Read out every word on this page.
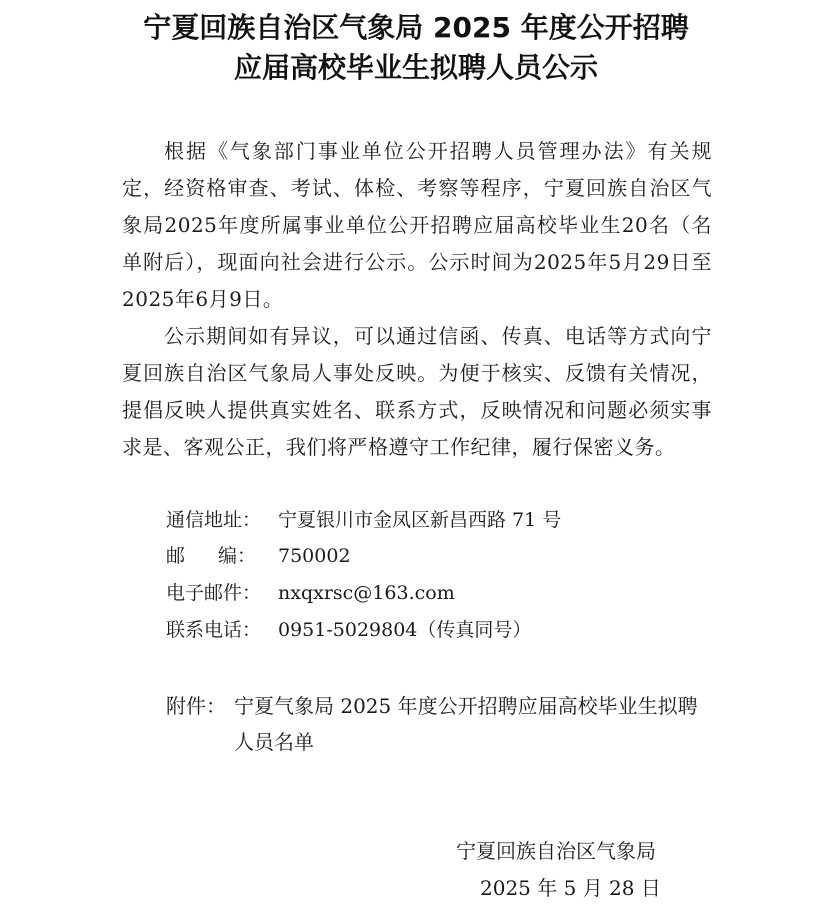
宁夏回族自治区气象局 2025 年度公开招聘
应届高校毕业生拟聘人员公示
根据《气象部门事业单位公开招聘人员管理办法》有关规定，经资格审查、考试、体检、考察等程序，宁夏回族自治区气象局2025年度所属事业单位公开招聘应届高校毕业生20名（名单附后），现面向社会进行公示。公示时间为2025年5月29日至2025年6月9日。
公示期间如有异议，可以通过信函、传真、电话等方式向宁夏回族自治区气象局人事处反映。为便于核实、反馈有关情况，提倡反映人提供真实姓名、联系方式，反映情况和问题必须实事求是、客观公正，我们将严格遵守工作纪律，履行保密义务。
通信地址： 宁夏银川市金凤区新昌西路 71 号
邮 编： 750002
电子邮件： nxqxrsc@163.com
联系电话： 0951-5029804（传真同号）
附件： 宁夏气象局 2025 年度公开招聘应届高校毕业生拟聘人员名单
宁夏回族自治区气象局
2025 年 5 月 28 日
